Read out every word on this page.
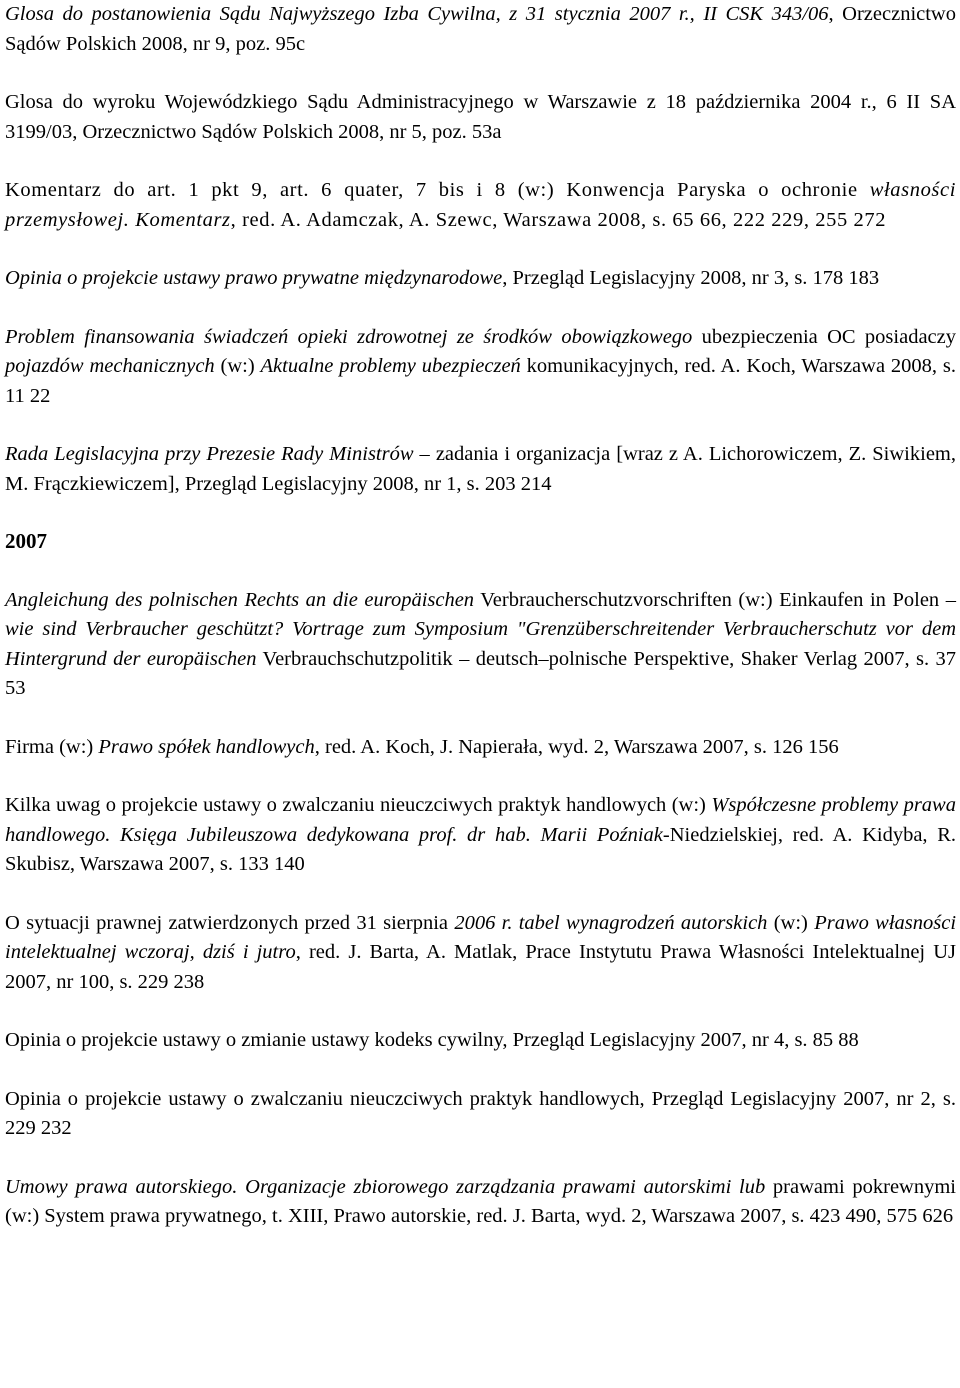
Glosa do postanowienia Sądu Najwyższego Izba Cywilna, z 31 stycznia 2007 r., II CSK 343/06, Orzecznictwo Sądów Polskich 2008, nr 9, poz. 95c

Glosa do wyroku Wojewódzkiego Sądu Administracyjnego w Warszawie z 18 października 2004 r., 6 II SA 3199/03, Orzecznictwo Sądów Polskich 2008, nr 5, poz. 53a

Komentarz do art. 1 pkt 9, art. 6 quater, 7 bis i 8 (w:) Konwencja Paryska o ochronie własności przemysłowej. Komentarz, red. A. Adamczak, A. Szewc, Warszawa 2008, s. 65 66, 222 229, 255 272

Opinia o projekcie ustawy prawo prywatne międzynarodowe, Przegląd Legislacyjny 2008, nr 3, s. 178 183

Problem finansowania świadczeń opieki zdrowotnej ze środków obowiązkowego ubezpieczenia OC posiadaczy pojazdów mechanicznych (w:) Aktualne problemy ubezpieczeń komunikacyjnych, red. A. Koch, Warszawa 2008, s. 11 22

Rada Legislacyjna przy Prezesie Rady Ministrów – zadania i organizacja [wraz z A. Lichorowiczem, Z. Siwikiem, M. Frączkiewiczem], Przegląd Legislacyjny 2008, nr 1, s. 203 214

2007

Angleichung des polnischen Rechts an die europäischen Verbraucherschutzvorschriften (w:) Einkaufen in Polen – wie sind Verbraucher geschützt? Vortrage zum Symposium "Grenzüberschreitender Verbraucherschutz vor dem Hintergrund der europäischen Verbrauchschutzpolitik – deutsch–polnische Perspektive, Shaker Verlag 2007, s. 37 53

Firma (w:) Prawo spółek handlowych, red. A. Koch, J. Napierała, wyd. 2, Warszawa 2007, s. 126 156

Kilka uwag o projekcie ustawy o zwalczaniu nieuczciwych praktyk handlowych (w:) Współczesne problemy prawa handlowego. Księga Jubileuszowa dedykowana prof. dr hab. Marii Poźniak-Niedzielskiej, red. A. Kidyba, R. Skubisz, Warszawa 2007, s. 133 140

O sytuacji prawnej zatwierdzonych przed 31 sierpnia 2006 r. tabel wynagrodzeń autorskich (w:) Prawo własności intelektualnej wczoraj, dziś i jutro, red. J. Barta, A. Matlak, Prace Instytutu Prawa Własności Intelektualnej UJ 2007, nr 100, s. 229 238

Opinia o projekcie ustawy o zmianie ustawy kodeks cywilny, Przegląd Legislacyjny 2007, nr 4, s. 85 88

Opinia o projekcie ustawy o zwalczaniu nieuczciwych praktyk handlowych, Przegląd Legislacyjny 2007, nr 2, s. 229 232

Umowy prawa autorskiego. Organizacje zbiorowego zarządzania prawami autorskimi lub prawami pokrewnymi (w:) System prawa prywatnego, t. XIII, Prawo autorskie, red. J. Barta, wyd. 2, Warszawa 2007, s. 423 490, 575 626
